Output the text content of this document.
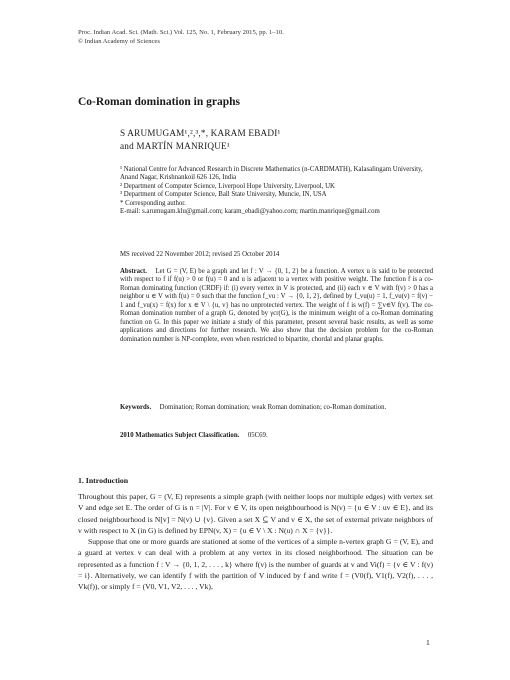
Proc. Indian Acad. Sci. (Math. Sci.) Vol. 125, No. 1, February 2015, pp. 1–10.
© Indian Academy of Sciences
Co-Roman domination in graphs
S ARUMUGAM¹,²,³,*, KARAM EBADI¹
and MARTÍN MANRIQUE¹
¹ National Centre for Advanced Research in Discrete Mathematics (n-CARDMATH), Kalasalingam University, Anand Nagar, Krishnankoil 626 126, India
² Department of Computer Science, Liverpool Hope University, Liverpool, UK
³ Department of Computer Science, Ball State University, Muncie, IN, USA
* Corresponding author.
E-mail: s.arumugam.klu@gmail.com; karam_ebadi@yahoo.com; martin.manrique@gmail.com
MS received 22 November 2012; revised 25 October 2014
Abstract. Let G = (V, E) be a graph and let f : V → {0, 1, 2} be a function. A vertex u is said to be protected with respect to f if f(u) > 0 or f(u) = 0 and u is adjacent to a vertex with positive weight. The function f is a co-Roman dominating function (CRDF) if: (i) every vertex in V is protected, and (ii) each v ∈ V with f(v) > 0 has a neighbor u ∈ V with f(u) = 0 such that the function f_vu : V → {0, 1, 2}, defined by f_vu(u) = 1, f_vu(v) = f(v) − 1 and f_vu(x) = f(x) for x ∈ V \ {u, v} has no unprotected vertex. The weight of f is w(f) = ∑v∈V f(v). The co-Roman domination number of a graph G, denoted by γcr(G), is the minimum weight of a co-Roman dominating function on G. In this paper we initiate a study of this parameter, present several basic results, as well as some applications and directions for further research. We also show that the decision problem for the co-Roman domination number is NP-complete, even when restricted to bipartite, chordal and planar graphs.
Keywords. Domination; Roman domination; weak Roman domination; co-Roman domination.
2010 Mathematics Subject Classification. 05C69.
1. Introduction

Throughout this paper, G = (V, E) represents a simple graph (with neither loops nor multiple edges) with vertex set V and edge set E. The order of G is n = |V|. For v ∈ V, its open neighbourhood is N(v) = {u ∈ V : uv ∈ E}, and its closed neighbourhood is N[v] = N(v) ∪ {v}. Given a set X ⊆ V and v ∈ X, the set of external private neighbors of v with respect to X (in G) is defined by EPN(v, X) = {u ∈ V \ X : N(u) ∩ X = {v}}.

Suppose that one or more guards are stationed at some of the vertices of a simple n-vertex graph G = (V, E), and a guard at vertex v can deal with a problem at any vertex in its closed neighborhood. The situation can be represented as a function f : V → {0, 1, 2, . . . , k} where f(v) is the number of guards at v and Vi(f) = {v ∈ V : f(v) = i}. Alternatively, we can identify f with the partition of V induced by f and write f = (V0(f), V1(f), V2(f), . . . , Vk(f)), or simply f = (V0, V1, V2, . . . , Vk),

1
